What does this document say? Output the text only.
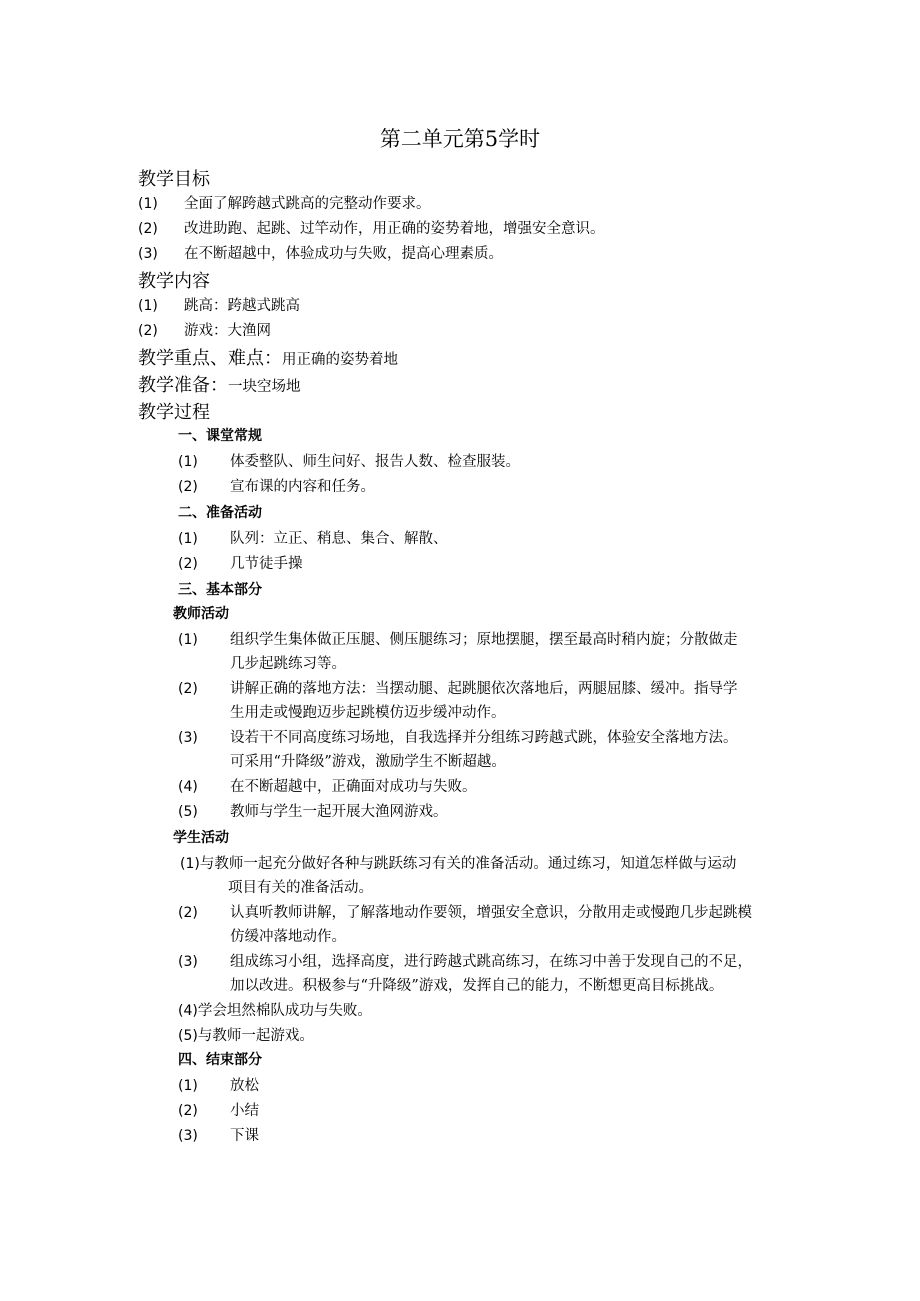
第二单元第5学时
教学目标
(1) 全面了解跨越式跳高的完整动作要求。
(2) 改进助跑、起跳、过竿动作，用正确的姿势着地，增强安全意识。
(3) 在不断超越中，体验成功与失败，提高心理素质。
教学内容
(1) 跳高：跨越式跳高
(2) 游戏：大渔网
教学重点、难点：用正确的姿势着地
教学准备：一块空场地
教学过程
一、课堂常规
(1) 体委整队、师生问好、报告人数、检查服装。
(2) 宣布课的内容和任务。
二、准备活动
(1) 队列：立正、稍息、集合、解散、
(2) 几节徒手操
三、基本部分
教师活动
(1) 组织学生集体做正压腿、侧压腿练习；原地摆腿，摆至最高时稍内旋；分散做走
几步起跳练习等。
(2) 讲解正确的落地方法：当摆动腿、起跳腿依次落地后，两腿屈膝、缓冲。指导学
生用走或慢跑迈步起跳模仿迈步缓冲动作。
(3) 设若干不同高度练习场地，自我选择并分组练习跨越式跳，体验安全落地方法。
可采用“升降级”游戏，激励学生不断超越。
(4) 在不断超越中，正确面对成功与失败。
(5) 教师与学生一起开展大渔网游戏。
学生活动
(1)与教师一起充分做好各种与跳跃练习有关的准备活动。通过练习，知道怎样做与运动
项目有关的准备活动。
(2) 认真听教师讲解，了解落地动作要领，增强安全意识，分散用走或慢跑几步起跳模
仿缓冲落地动作。
(3) 组成练习小组，选择高度，进行跨越式跳高练习，在练习中善于发现自己的不足，
加以改进。积极参与“升降级”游戏，发挥自己的能力，不断想更高目标挑战。
(4)学会坦然棉队成功与失败。
(5)与教师一起游戏。
四、结束部分
(1) 放松
(2) 小结
(3) 下课
